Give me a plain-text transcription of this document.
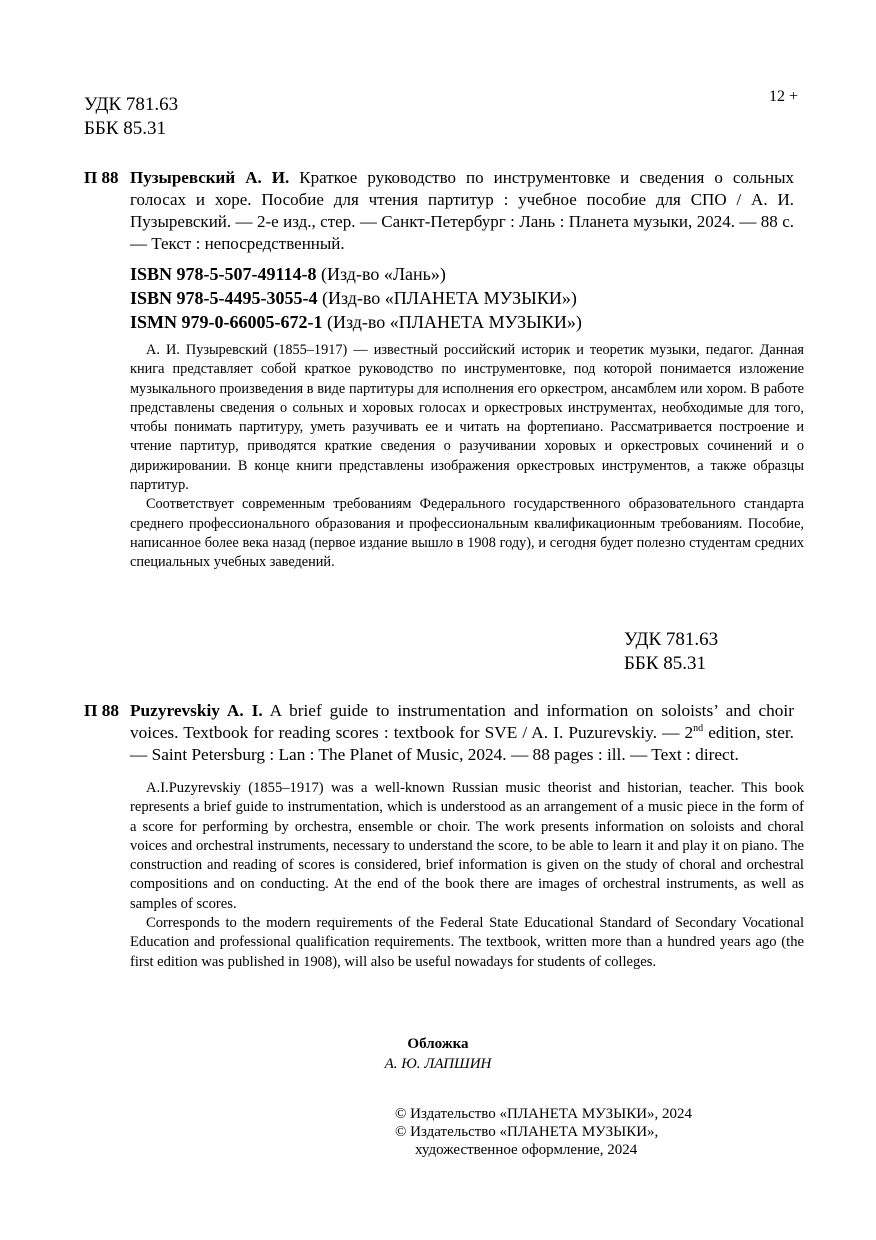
УДК 781.63
ББК 85.31
12 +
П 88 Пузыревский А. И. Краткое руководство по инструментовке и сведения о сольных голосах и хоре. Пособие для чтения партитур : учебное пособие для СПО / А. И. Пузыревский. — 2-е изд., стер. — Санкт-Петербург : Лань : Планета музыки, 2024. — 88 с. — Текст : непосредственный.
ISBN 978-5-507-49114-8 (Изд-во «Лань»)
ISBN 978-5-4495-3055-4 (Изд-во «ПЛАНЕТА МУЗЫКИ»)
ISMN 979-0-66005-672-1 (Изд-во «ПЛАНЕТА МУЗЫКИ»)

А. И. Пузыревский (1855–1917) — известный российский историк и теоретик музыки, педагог. Данная книга представляет собой краткое руководство по инструментовке, под которой понимается изложение музыкального произведения в виде партитуры для исполнения его оркестром, ансамблем или хором. В работе представлены сведения о сольных и хоровых голосах и оркестровых инструментах, необходимые для того, чтобы понимать партитуру, уметь разучивать ее и читать на фортепиано. Рассматривается построение и чтение партитур, приводятся краткие сведения о разучивании хоровых и оркестровых сочинений и о дирижировании. В конце книги представлены изображения оркестровых инструментов, а также образцы партитур.

Соответствует современным требованиям Федерального государственного образовательного стандарта среднего профессионального образования и профессиональным квалификационным требованиям. Пособие, написанное более века назад (первое издание вышло в 1908 году), и сегодня будет полезно студентам средних специальных учебных заведений.

УДК 781.63
ББК 85.31
П 88 Puzyrevskiy A. I. A brief guide to instrumentation and information on soloists’ and choir voices. Textbook for reading scores : textbook for SVE / A. I. Puzurevskiy. — 2nd edition, ster. — Saint Petersburg : Lan : The Planet of Music, 2024. — 88 pages : ill. — Text : direct.

A.I.Puzyrevskiy (1855–1917) was a well-known Russian music theorist and historian, teacher. This book represents a brief guide to instrumentation, which is understood as an arrangement of a music piece in the form of a score for performing by orchestra, ensemble or choir. The work presents information on soloists and choral voices and orchestral instruments, necessary to understand the score, to be able to learn it and play it on piano. The construction and reading of scores is considered, brief information is given on the study of choral and orchestral compositions and on conducting. At the end of the book there are images of orchestral instruments, as well as samples of scores.

Corresponds to the modern requirements of the Federal State Educational Standard of Secondary Vocational Education and professional qualification requirements. The textbook, written more than a hundred years ago (the first edition was published in 1908), will also be useful nowadays for students of colleges.

Обложка
А. Ю. ЛАПШИН
© Издательство «ПЛАНЕТА МУЗЫКИ», 2024
© Издательство «ПЛАНЕТА МУЗЫКИ»,
художественное оформление, 2024
